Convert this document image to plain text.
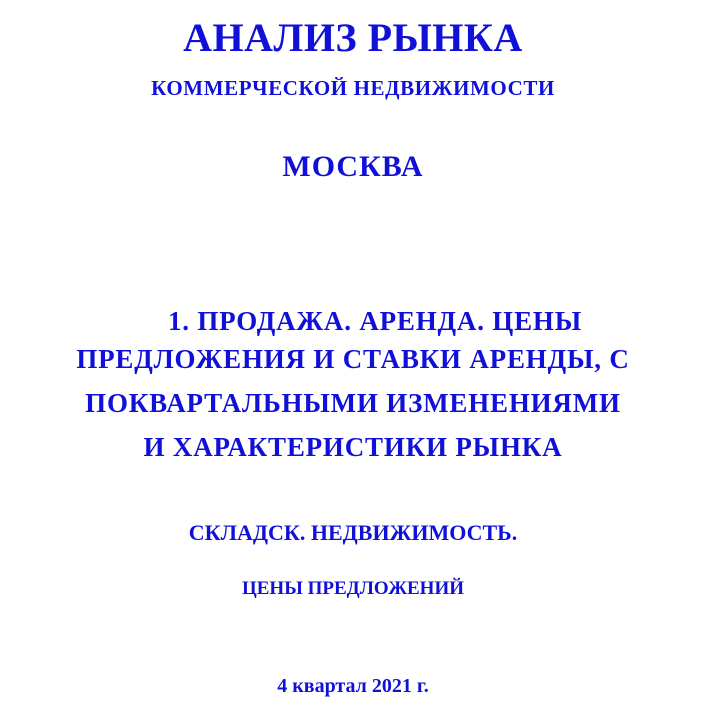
АНАЛИЗ РЫНКА
КОММЕРЧЕСКОЙ НЕДВИЖИМОСТИ
МОСКВА
1. ПРОДАЖА. АРЕНДА. ЦЕНЫ
ПРЕДЛОЖЕНИЯ И СТАВКИ АРЕНДЫ, С
ПОКВАРТАЛЬНЫМИ ИЗМЕНЕНИЯМИ
И ХАРАКТЕРИСТИКИ РЫНКА
СКЛАДСК. НЕДВИЖИМОСТЬ.
ЦЕНЫ ПРЕДЛОЖЕНИЙ
4 квартал 2021 г.
